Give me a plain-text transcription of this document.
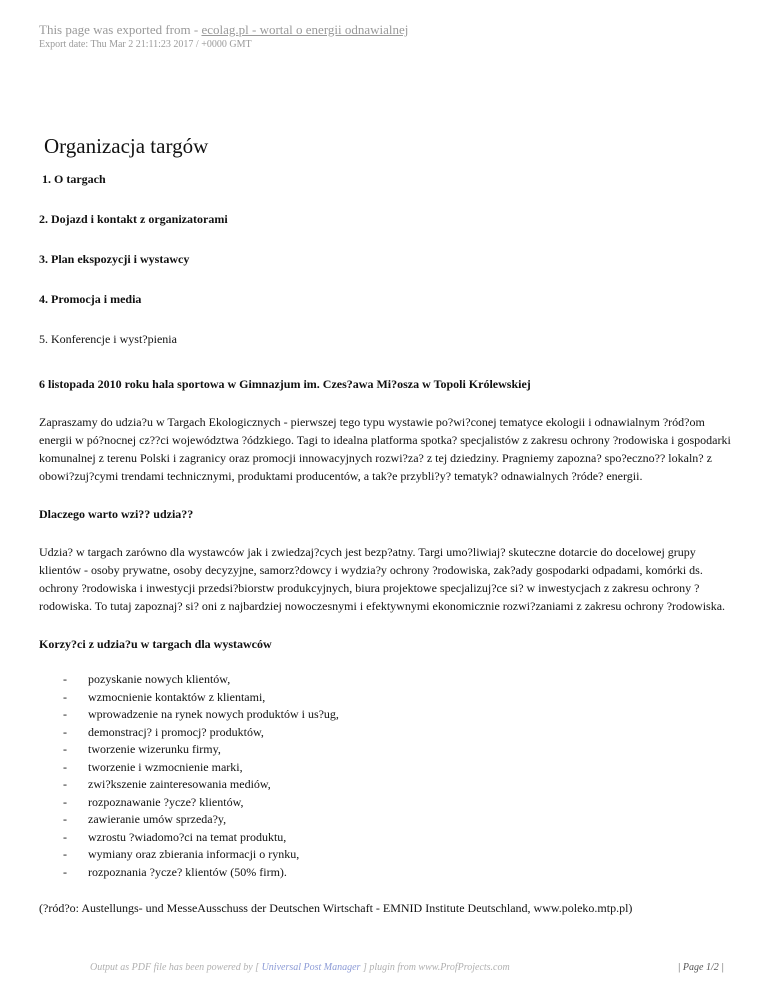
This page was exported from - ecolag.pl - wortal o energii odnawialnej
Export date: Thu Mar 2 21:11:23 2017 / +0000 GMT
Organizacja targów
1. O targach
2. Dojazd i kontakt z organizatorami
3. Plan ekspozycji i wystawcy
4. Promocja i media
5. Konferencje i wyst?pienia

6 listopada 2010 roku hala sportowa w Gimnazjum im. Czes?awa Mi?osza w Topoli Królewskiej

Zapraszamy do udzia?u w Targach Ekologicznych - pierwszej tego typu wystawie po?wi?conej tematyce ekologii i odnawialnym ?ród?om energii w pó?nocnej cz??ci województwa ?ódzkiego. Tagi to idealna platforma spotka? specjalistów z zakresu ochrony ?rodowiska i gospodarki komunalnej z terenu Polski i zagranicy oraz promocji innowacyjnych rozwi?za? z tej dziedziny. Pragniemy zapozna? spo?eczno?? lokaln? z obowi?zuj?cymi trendami technicznymi, produktami producentów, a tak?e przybli?y? tematyk? odnawialnych ?róde? energii.

Dlaczego warto wzi?? udzia??

Udzia? w targach zarówno dla wystawców jak i zwiedzaj?cych jest bezp?atny. Targi umo?liwiaj? skuteczne dotarcie do docelowej grupy klientów - osoby prywatne, osoby decyzyjne, samorz?dowcy i wydzia?y ochrony ?rodowiska, zak?ady gospodarki odpadami, komórki ds. ochrony ?rodowiska i inwestycji przedsi?biorstw produkcyjnych, biura projektowe specjalizuj?ce si? w inwestycjach z zakresu ochrony ?rodowiska. To tutaj zapoznaj? si? oni z najbardziej nowoczesnymi i efektywnymi ekonomicznie rozwi?zaniami z zakresu ochrony ?rodowiska.

Korzy?ci z udzia?u w targach dla wystawców

- pozyskanie nowych klientów,
- wzmocnienie kontaktów z klientami,
- wprowadzenie na rynek nowych produktów i us?ug,
- demonstracj? i promocj? produktów,
- tworzenie wizerunku firmy,
- tworzenie i wzmocnienie marki,
- zwi?kszenie zainteresowania mediów,
- rozpoznawanie ?ycze? klientów,
- zawieranie umów sprzeda?y,
- wzrostu ?wiadomo?ci na temat produktu,
- wymiany oraz zbierania informacji o rynku,
- rozpoznania ?ycze? klientów (50% firm).

(?ród?o: Austellungs- und MesseAusschuss der Deutschen Wirtschaft - EMNID Institute Deutschland, www.poleko.mtp.pl)

Output as PDF file has been powered by [ Universal Post Manager ] plugin from www.ProfProjects.com	| Page 1/2 |
